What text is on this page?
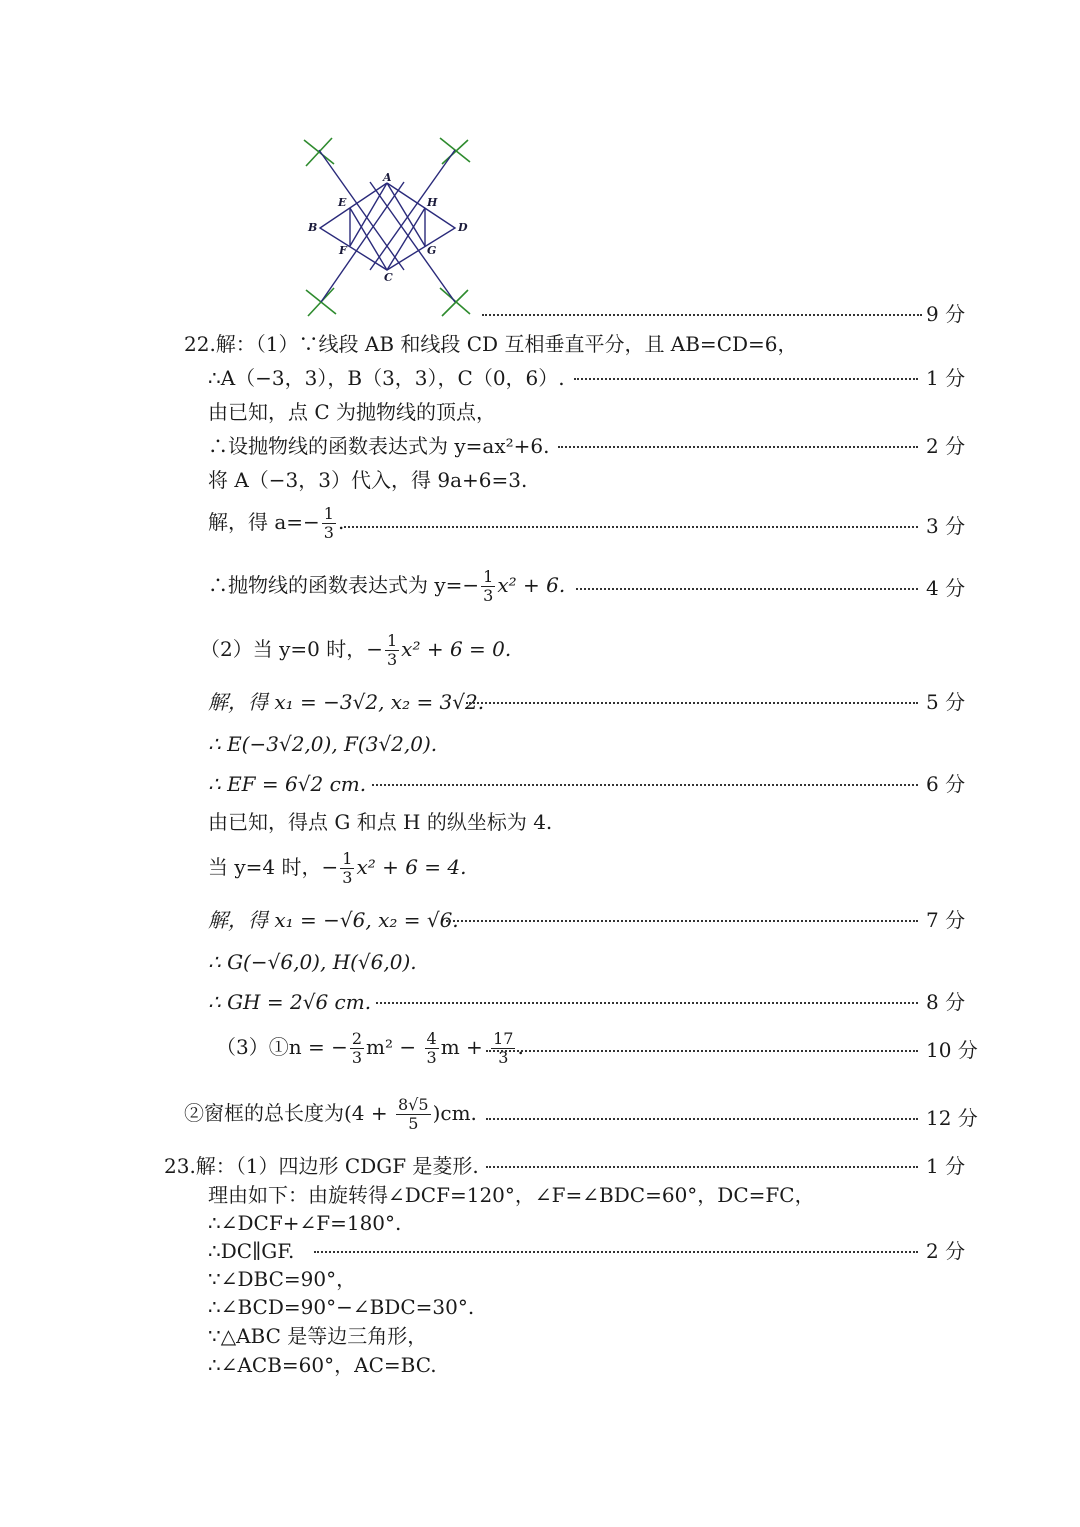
A
B
C
D
E
F	G
H
9 分
22.解：（1）∵线段 AB 和线段 CD 互相垂直平分，且 AB=CD=6，
∴A（−3，3），B（3，3），C（0，6）.	1 分
由已知，点 C 为抛物线的顶点，
∴设抛物线的函数表达式为 y=ax²+6.	2 分
将 A（−3，3）代入，得 9a+6=3.
解，得 $a=- \frac{1}{3}$ .	3 分
∴抛物线的函数表达式为 $y=- \frac{1}{3} x^2 + 6$.	4 分
（2）当 y=0 时，− $\frac{1}{3} x^2 + 6 = 0$.
解，得 x₁ = −3√2, x₂ = 3√2.	5 分
∴ E(−3√2,0), F(3√2,0).
∴ EF = 6√2 cm.	6 分
由已知，得点 G 和点 H 的纵坐标为 4.
当 y=4 时，− $\frac{1}{3} x^2 + 6 = 4$.
解，得 x₁ = −√6, x₂ = √6.	7 分
∴ G(−√6,0), H(√6,0).
∴ GH = 2√6 cm.	8 分
（3）①n = − $\frac{2}{3} m^2 - \frac{4}{3}$ $m + \frac{17}{3}$ .	10 分
②窗框的总长度为$(4 + \frac{8√5}{5} )cm$.	12 分
23.解：（1）四边形 CDGF 是菱形.	1 分
理由如下：由旋转得∠DCF=120°，∠F=∠BDC=60°，DC=FC，
∴∠DCF+∠F=180°.
∴DC∥GF.	2 分
∵∠DBC=90°，
∴∠BCD=90°−∠BDC=30°.
∵△ABC 是等边三角形，
∴∠ACB=60°，AC=BC.
